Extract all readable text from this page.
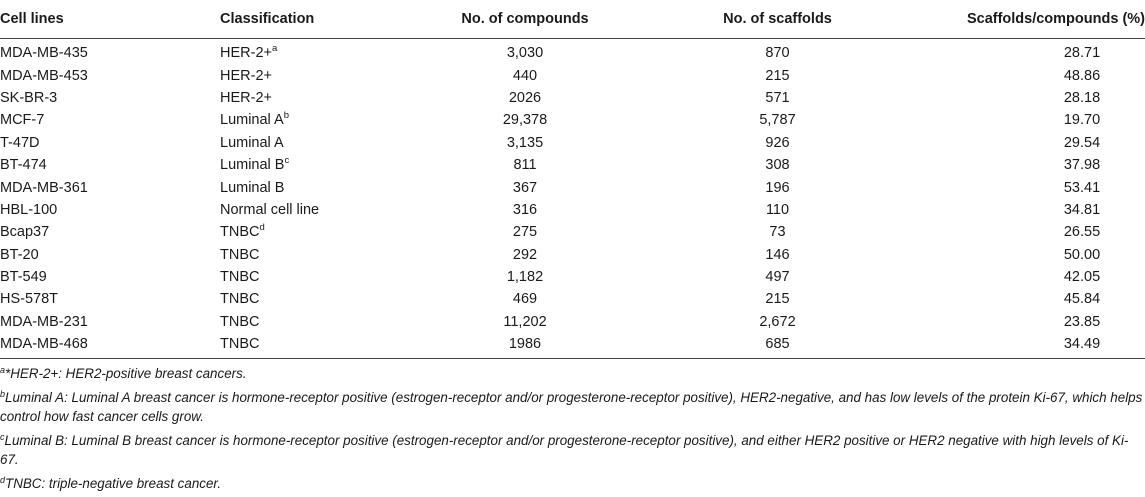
Cell lines	Classification	No. of compounds	No. of scaffolds	Scaffolds/compounds (%)
MDA-MB-435	HER-2+$^a$	3,030	870	28.71
MDA-MB-453	HER-2+	440	215	48.86
SK-BR-3	HER-2+	2026	571	28.18
MCF-7	Luminal $A^b$	29,378	5,787	19.70
T-47D	Luminal A	3,135	926	29.54
BT-474	Luminal $B^c$	811	308	37.98
MDA-MB-361	Luminal B	367	196	53.41
HBL-100	Normal cell line	316	110	34.81
Bcap37	TNBC$^d$	275	73	26.55
BT-20	TNBC	292	146	50.00
BT-549	TNBC	1,182	497	42.05
HS-578T	TNBC	469	215	45.84
MDA-MB-231	TNBC	11,202	2,672	23.85
MDA-MB-468	TNBC	1986	685	34.49

$^a$*HER-2+: HER2-positive breast cancers.

$^b$Luminal A: Luminal A breast cancer is hormone-receptor positive (estrogen-receptor and/or progesterone-receptor positive), HER2-negative, and has low levels of the protein Ki-67, which helps control how fast cancer cells grow.

$^c$Luminal B: Luminal B breast cancer is hormone-receptor positive (estrogen-receptor and/or progesterone-receptor positive), and either HER2 positive or HER2 negative with high levels of Ki-67.

$^d$TNBC: triple-negative breast cancer.
